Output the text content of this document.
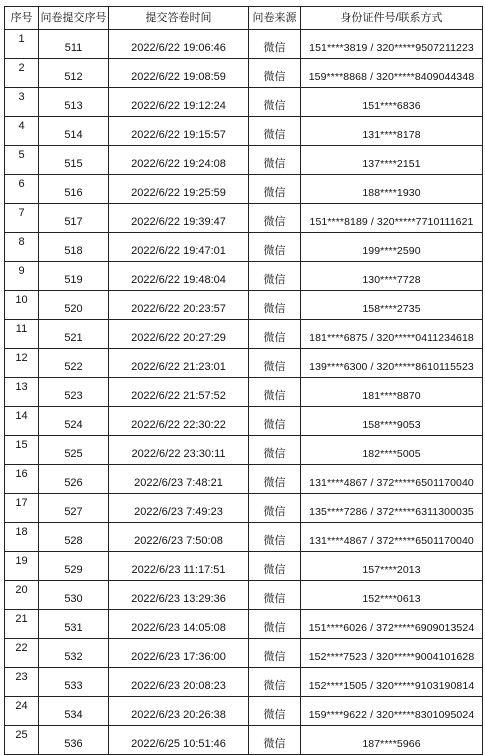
序号	问卷提交序号	提交答卷时间	问卷来源	身份证件号/联系方式
1	511	2022/6/22 19:06:46	微信	151****3819 / 320*****9507211223
2	512	2022/6/22 19:08:59	微信	159****8868 / 320*****8409044348
3	513	2022/6/22 19:12:24	微信	151****6836
4	514	2022/6/22 19:15:57	微信	131****8178
5	515	2022/6/22 19:24:08	微信	137****2151
6	516	2022/6/22 19:25:59	微信	188****1930
7	517	2022/6/22 19:39:47	微信	151****8189 / 320*****7710111621
8	518	2022/6/22 19:47:01	微信	199****2590
9	519	2022/6/22 19:48:04	微信	130****7728
10	520	2022/6/22 20:23:57	微信	158****2735
11	521	2022/6/22 20:27:29	微信	181****6875 / 320*****0411234618
12	522	2022/6/22 21:23:01	微信	139****6300 / 320*****8610115523
13	523	2022/6/22 21:57:52	微信	181****8870
14	524	2022/6/22 22:30:22	微信	158****9053
15	525	2022/6/22 23:30:11	微信	182****5005
16	526	2022/6/23 7:48:21	微信	131****4867 / 372*****6501170040
17	527	2022/6/23 7:49:23	微信	135****7286 / 372*****6311300035
18	528	2022/6/23 7:50:08	微信	131****4867 / 372*****6501170040
19	529	2022/6/23 11:17:51	微信	157****2013
20	530	2022/6/23 13:29:36	微信	152****0613
21	531	2022/6/23 14:05:08	微信	151****6026 / 372*****6909013524
22	532	2022/6/23 17:36:00	微信	152****7523 / 320*****9004101628
23	533	2022/6/23 20:08:23	微信	152****1505 / 320*****9103190814
24	534	2022/6/23 20:26:38	微信	159****9622 / 320*****8301095024
25	536	2022/6/25 10:51:46	微信	187****5966
